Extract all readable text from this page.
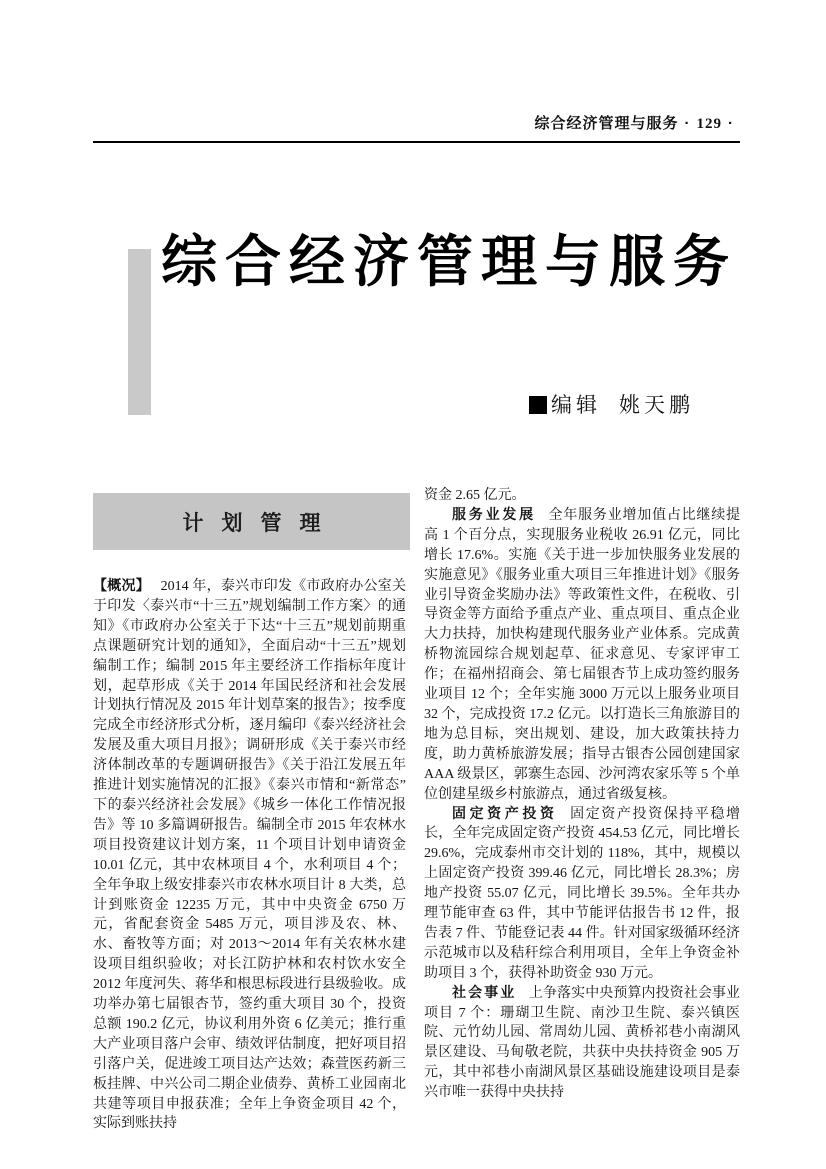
综合经济管理与服务 · 129 ·
综合经济管理与服务
编辑 姚天鹏
计划管理

【概况】 2014 年，泰兴市印发《市政府办公室关于印发〈泰兴市“十三五”规划编制工作方案〉的通知》《市政府办公室关于下达“十三五”规划前期重点课题研究计划的通知》，全面启动“十三五”规划编制工作；编制 2015 年主要经济工作指标年度计划，起草形成《关于 2014 年国民经济和社会发展计划执行情况及 2015 年计划草案的报告》；按季度完成全市经济形式分析，逐月编印《泰兴经济社会发展及重大项目月报》；调研形成《关于泰兴市经济体制改革的专题调研报告》《关于沿江发展五年推进计划实施情况的汇报》《泰兴市情和“新常态”下的泰兴经济社会发展》《城乡一体化工作情况报告》等 10 多篇调研报告。编制全市 2015 年农林水项目投资建议计划方案，11 个项目计划申请资金 10.01 亿元，其中农林项目 4 个，水利项目 4 个；全年争取上级安排泰兴市农林水项目计 8 大类，总计到账资金 12235 万元，其中中央资金 6750 万元，省配套资金 5485 万元，项目涉及农、林、水、畜牧等方面；对 2013～2014 年有关农林水建设项目组织验收；对长江防护林和农村饮水安全 2012 年度河失、蒋华和根思标段进行县级验收。成功举办第七届银杏节，签约重大项目 30 个，投资总额 190.2 亿元，协议利用外资 6 亿美元；推行重大产业项目落户会审、绩效评估制度，把好项目招引落户关，促进竣工项目达产达效；森萱医药新三板挂牌、中兴公司二期企业债券、黄桥工业园南北共建等项目申报获准；全年上争资金项目 42 个，实际到账扶持

资金 2.65 亿元。

服务业发展 全年服务业增加值占比继续提高 1 个百分点，实现服务业税收 26.91 亿元，同比增长 17.6%。实施《关于进一步加快服务业发展的实施意见》《服务业重大项目三年推进计划》《服务业引导资金奖励办法》等政策性文件，在税收、引导资金等方面给予重点产业、重点项目、重点企业大力扶持，加快构建现代服务业产业体系。完成黄桥物流园综合规划起草、征求意见、专家评审工作；在福州招商会、第七届银杏节上成功签约服务业项目 12 个；全年实施 3000 万元以上服务业项目 32 个，完成投资 17.2 亿元。以打造长三角旅游目的地为总目标，突出规划、建设，加大政策扶持力度，助力黄桥旅游发展；指导古银杏公园创建国家 AAA 级景区，郭寨生态园、沙河湾农家乐等 5 个单位创建星级乡村旅游点，通过省级复核。

固定资产投资 固定资产投资保持平稳增长，全年完成固定资产投资 454.53 亿元，同比增长 29.6%，完成泰州市交计划的 118%，其中，规模以上固定资产投资 399.46 亿元，同比增长 28.3%；房地产投资 55.07 亿元，同比增长 39.5%。全年共办理节能审查 63 件，其中节能评估报告书 12 件，报告表 7 件、节能登记表 44 件。针对国家级循环经济示范城市以及秸秆综合利用项目，全年上争资金补助项目 3 个，获得补助资金 930 万元。

社会事业 上争落实中央预算内投资社会事业项目 7 个：珊瑚卫生院、南沙卫生院、泰兴镇医院、元竹幼儿园、常周幼儿园、黄桥祁巷小南湖风景区建设、马甸敬老院，共获中央扶持资金 905 万元，其中祁巷小南湖风景区基础设施建设项目是泰兴市唯一获得中央扶持
